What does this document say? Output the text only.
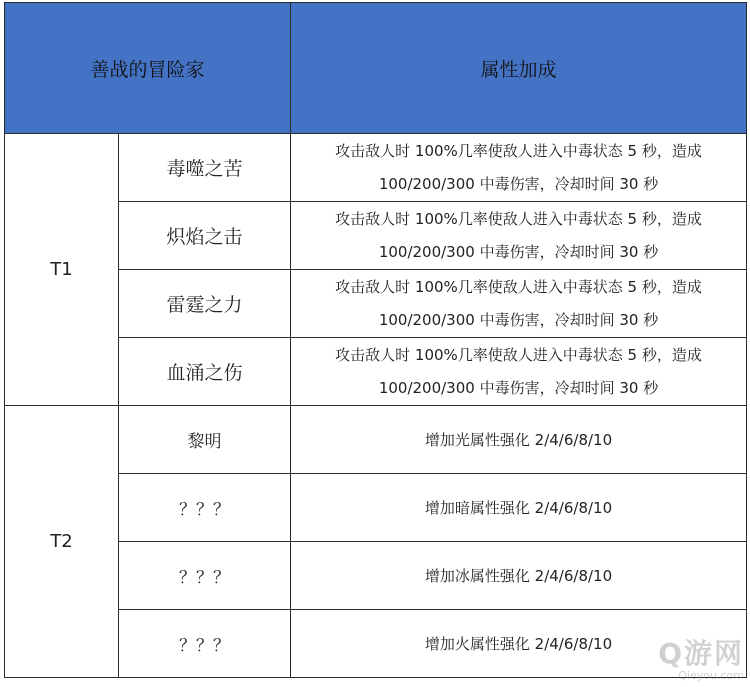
善战的冒险家		属性加成
T1	毒噬之苦	攻击敌人时 100%几率使敌人进入中毒状态 5 秒，造成
100/200/300 中毒伤害，冷却时间 30 秒
	炽焰之击	攻击敌人时 100%几率使敌人进入中毒状态 5 秒，造成
100/200/300 中毒伤害，冷却时间 30 秒
	雷霆之力	攻击敌人时 100%几率使敌人进入中毒状态 5 秒，造成
100/200/300 中毒伤害，冷却时间 30 秒
	血涌之伤	攻击敌人时 100%几率使敌人进入中毒状态 5 秒，造成
100/200/300 中毒伤害，冷却时间 30 秒
T2	黎明	增加光属性强化 2/4/6/8/10
	？？？	增加暗属性强化 2/4/6/8/10
	？？？	增加冰属性强化 2/4/6/8/10
	？？？	增加火属性强化 2/4/6/8/10	Q游网
Qieyou.com
